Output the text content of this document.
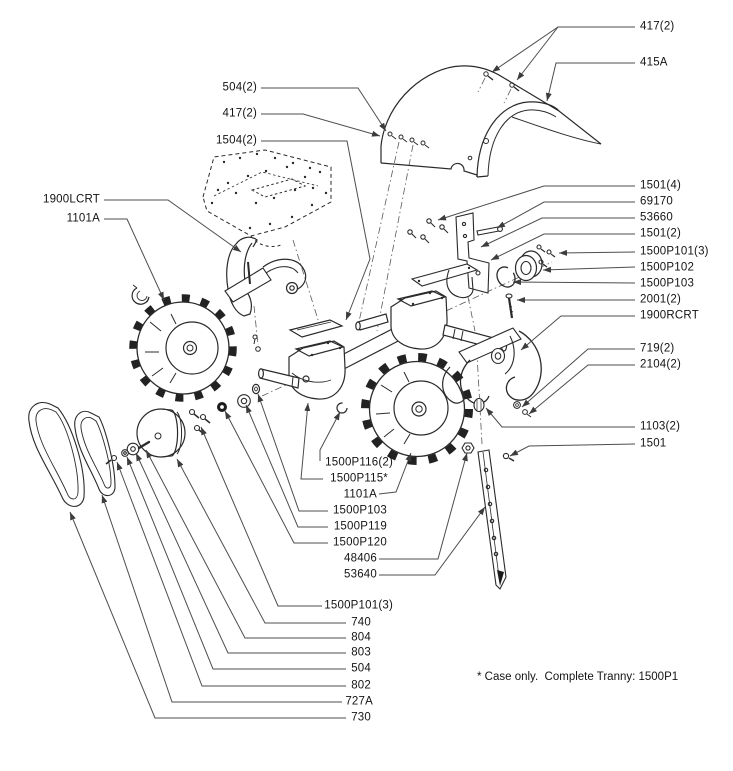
417(2)
415A
504(2)
417(2)
1504(2)
1900LCRT
1101A
1501(4)
69170
53660
1501(2)
1500P101(3)
1500P102
1500P103
2001(2)
1900RCRT
719(2)
2104(2)
1103(2)
1501
1500P116(2)
1500P115*
1101A
1500P103
1500P119
1500P120
48406
53640
1500P101(3)
740
804
803
504
802
727A
730
* Case only.  Complete Tranny: 1500P1
